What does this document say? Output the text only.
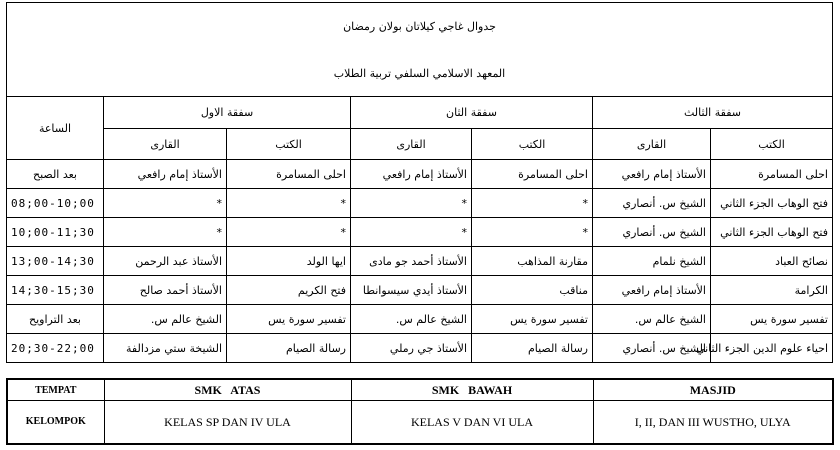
جدوال غاجي كيلاتان بولان رمضان						
المعهد الاسلامي السلفي تربية الطلاب						
الساعة	سفقة الاول		سفقة الثان		سفقة الثالث	
	القارى	الكتب	القارى	الكتب	القارى	الكتب
بعد الصبح	الأستاذ إمام رافعي	احلى المسامرة	الأستاذ إمام رافعي	احلى المسامرة	الأستاذ إمام رافعي	احلى المسامرة
08;00-10;00	*	*	*	*	الشيخ س. أنصاري	فتح الوهاب الجزء الثاني
10;00-11;30	*	*	*	*	الشيخ س. أنصاري	فتح الوهاب الجزء الثاني
13;00-14;30	الأستاذ عبد الرحمن	ايها الولد	الأستاذ أحمد جو مادى	مقارنة المذاهب	الشيخ نلمام	نصائح العباد
14;30-15;30	الأستاذ أحمد صالح	فتح الكريم	الأستاذ أيدي سيسوانطا	مناقب	الأستاذ إمام رافعي	الكرامة
بعد التراويح	الشيخ عالم س.	تفسير سورة يس	الشيخ عالم س.	تفسير سورة يس	الشيخ عالم س.	تفسير سورة يس
20;30-22;00	الشيخة ستي مزدالفة	رسالة الصيام	الأستاذ جي رملي	رسالة الصيام	الشيخ س. أنصاري	احياء علوم الدين الجزء الثاني
TEMPAT	SMK   ATAS	SMK   BAWAH	MASJID
KELOMPOK	KELAS SP DAN IV ULA	KELAS V DAN VI ULA	I, II, DAN III WUSTHO, ULYA
